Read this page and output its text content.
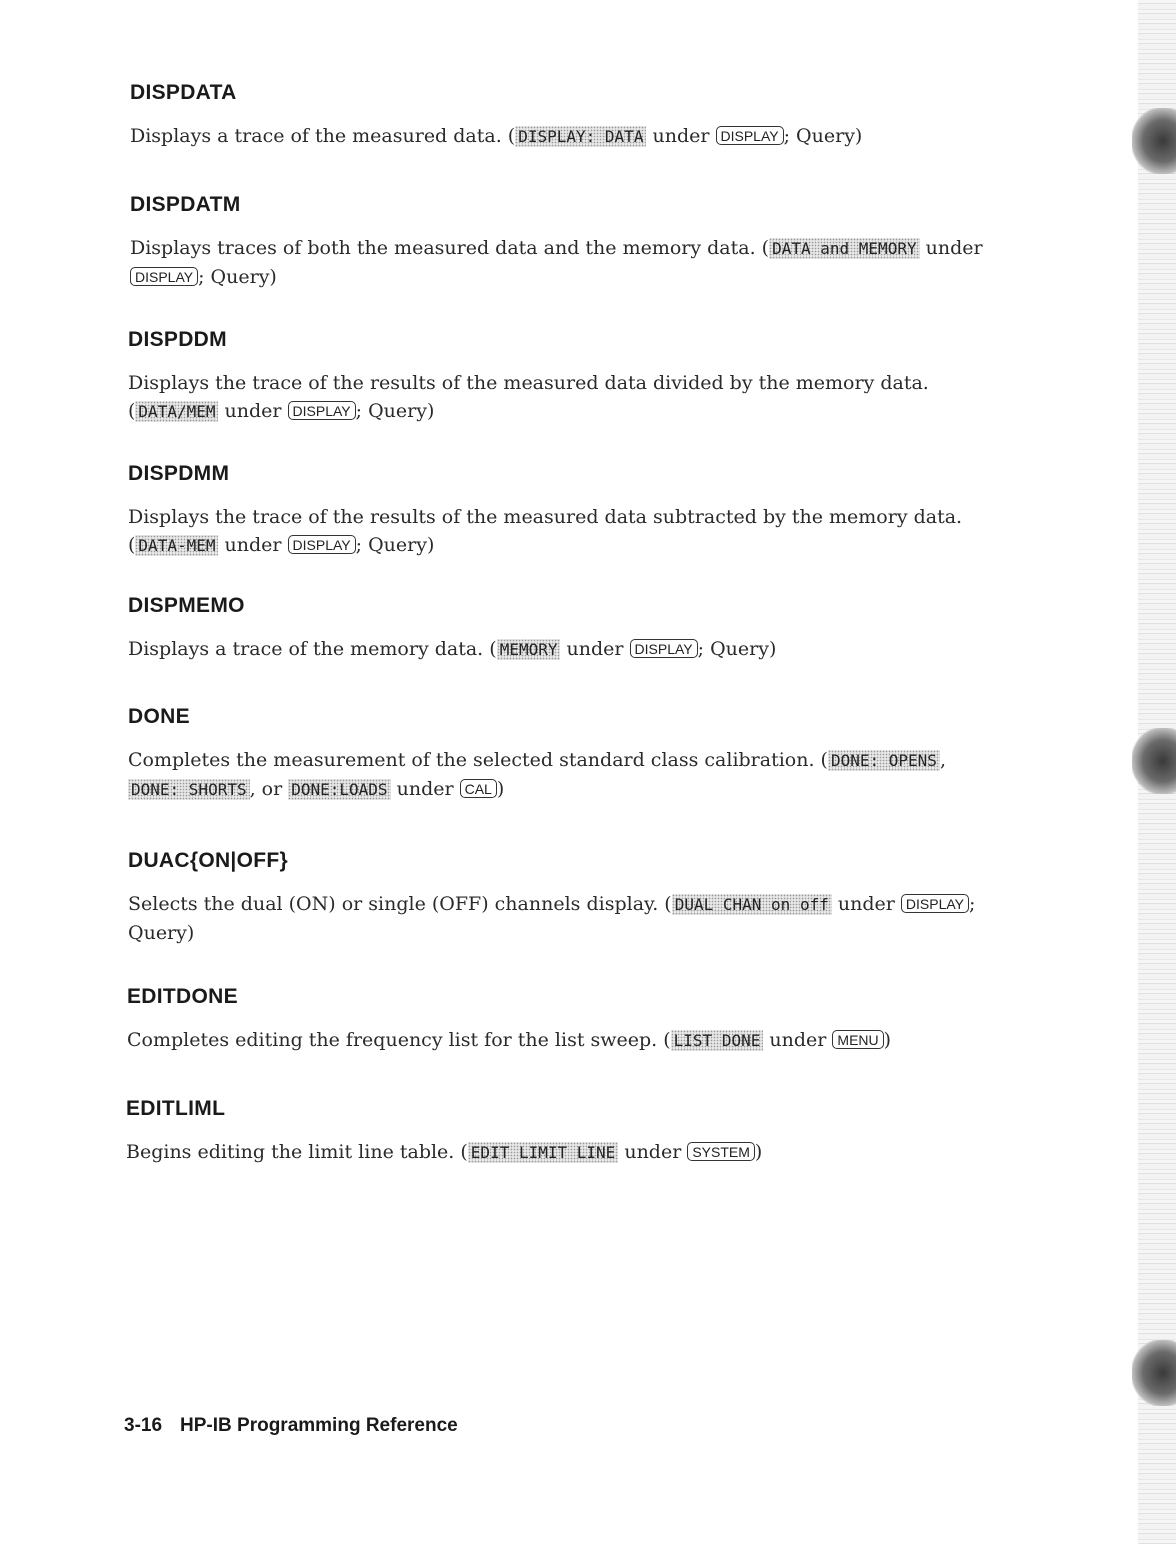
DISPDATA

Displays a trace of the measured data. ( DISPLAY: DATA under DISPLAY ; Query)

DISPDATM

Displays traces of both the measured data and the memory data. ( DATA and MEMORY under DISPLAY ; Query)

DISPDDM

Displays the trace of the results of the measured data divided by the memory data. ( DATA/MEM under DISPLAY ; Query)

DISPDMM

Displays the trace of the results of the measured data subtracted by the memory data. ( DATA-MEM under DISPLAY ; Query)

DISPMEMO

Displays a trace of the memory data. ( MEMORY under DISPLAY ; Query)

DONE

Completes the measurement of the selected standard class calibration. ( DONE: OPENS , DONE: SHORTS , or DONE:LOADS under CAL )

DUAC{ON|OFF}

Selects the dual (ON) or single (OFF) channels display. ( DUAL CHAN on off under DISPLAY ; Query)

EDITDONE

Completes editing the frequency list for the list sweep. ( LIST DONE under MENU )

EDITLIML

Begins editing the limit line table. ( EDIT LIMIT LINE under SYSTEM )

3-16 HP-IB Programming Reference
